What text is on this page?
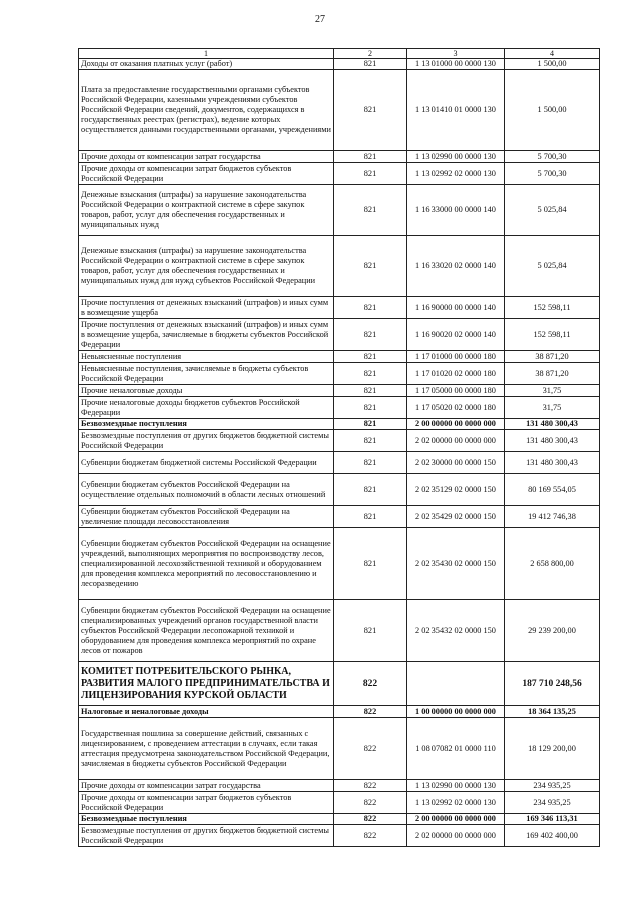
27
1	2	3	4
Доходы от оказания платных услуг (работ)	821	1 13 01000 00 0000 130	1 500,00
Плата за предоставление государственными органами субъектов Российской Федерации, казенными учреждениями субъектов Российской Федерации сведений, документов, содержащихся в государственных реестрах (регистрах), ведение которых осуществляется данными государственными органами, учреждениями	821	1 13 01410 01 0000 130	1 500,00
Прочие доходы от компенсации затрат государства	821	1 13 02990 00 0000 130	5 700,30
Прочие доходы от компенсации затрат бюджетов субъектов Российской Федерации	821	1 13 02992 02 0000 130	5 700,30
Денежные взыскания (штрафы) за нарушение законодательства Российской Федерации о контрактной системе в сфере закупок товаров, работ, услуг для обеспечения государственных и муниципальных нужд	821	1 16 33000 00 0000 140	5 025,84
Денежные взыскания (штрафы) за нарушение законодательства Российской Федерации о контрактной системе в сфере закупок товаров, работ, услуг для обеспечения государственных и муниципальных нужд для нужд субъектов Российской Федерации	821	1 16 33020 02 0000 140	5 025,84
Прочие поступления от денежных взысканий (штрафов) и иных сумм в возмещение ущерба	821	1 16 90000 00 0000 140	152 598,11
Прочие поступления от денежных взысканий (штрафов) и иных сумм в возмещение ущерба, зачисляемые в бюджеты субъектов Российской Федерации	821	1 16 90020 02 0000 140	152 598,11
Невыясненные поступления	821	1 17 01000 00 0000 180	38 871,20
Невыясненные поступления, зачисляемые в бюджеты субъектов Российской Федерации	821	1 17 01020 02 0000 180	38 871,20
Прочие неналоговые доходы	821	1 17 05000 00 0000 180	31,75
Прочие неналоговые доходы бюджетов субъектов Российской Федерации	821	1 17 05020 02 0000 180	31,75
Безвозмездные поступления	821	2 00 00000 00 0000 000	131 480 300,43
Безвозмездные поступления от других бюджетов бюджетной системы Российской Федерации	821	2 02 00000 00 0000 000	131 480 300,43
Субвенции бюджетам бюджетной системы Российской Федерации	821	2 02 30000 00 0000 150	131 480 300,43
Субвенции бюджетам субъектов Российской Федерации на осуществление отдельных полномочий в области лесных отношений	821	2 02 35129 02 0000 150	80 169 554,05
Субвенции бюджетам субъектов Российской Федерации на увеличение площади лесовосстановления	821	2 02 35429 02 0000 150	19 412 746,38
Субвенции бюджетам субъектов Российской Федерации на оснащение учреждений, выполняющих мероприятия по воспроизводству лесов, специализированной лесохозяйственной техникой и оборудованием для проведения комплекса мероприятий по лесовосстановлению и лесоразведению	821	2 02 35430 02 0000 150	2 658 800,00
Субвенции бюджетам субъектов Российской Федерации на оснащение специализированных учреждений органов государственной власти субъектов Российской Федерации лесопожарной техникой и оборудованием для проведения комплекса мероприятий по охране лесов от пожаров	821	2 02 35432 02 0000 150	29 239 200,00
КОМИТЕТ ПОТРЕБИТЕЛЬСКОГО РЫНКА, РАЗВИТИЯ МАЛОГО ПРЕДПРИНИМАТЕЛЬСТВА И ЛИЦЕНЗИРОВАНИЯ КУРСКОЙ ОБЛАСТИ	822		187 710 248,56
Налоговые и неналоговые доходы	822	1 00 00000 00 0000 000	18 364 135,25
Государственная пошлина за совершение действий, связанных с лицензированием, с проведением аттестации в случаях, если такая аттестация предусмотрена законодательством Российской Федерации, зачисляемая в бюджеты субъектов Российской Федерации	822	1 08 07082 01 0000 110	18 129 200,00
Прочие доходы от компенсации затрат государства	822	1 13 02990 00 0000 130	234 935,25
Прочие доходы от компенсации затрат бюджетов субъектов Российской Федерации	822	1 13 02992 02 0000 130	234 935,25
Безвозмездные поступления	822	2 00 00000 00 0000 000	169 346 113,31
Безвозмездные поступления от других бюджетов бюджетной системы Российской Федерации	822	2 02 00000 00 0000 000	169 402 400,00
